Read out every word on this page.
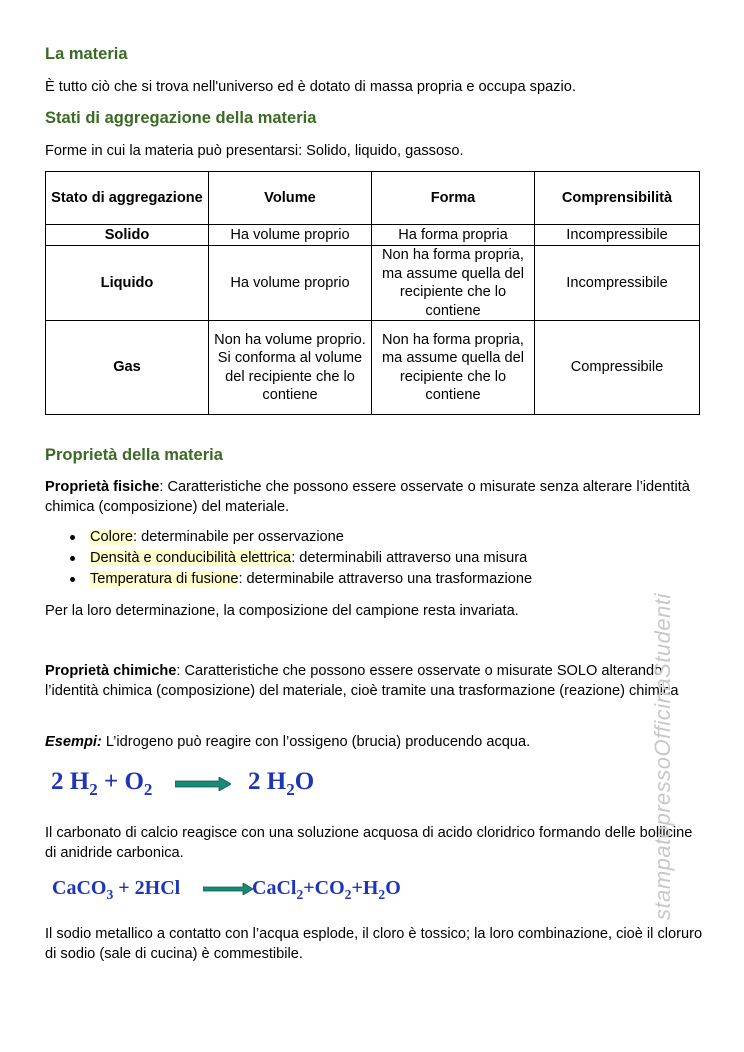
La materia

È tutto ciò che si trova nell'universo ed è dotato di massa propria e occupa spazio.

Stati di aggregazione della materia

Forme in cui la materia può presentarsi: Solido, liquido, gassoso.

Stato di aggregazione	Volume	Forma	Comprensibilità
Solido	Ha volume proprio	Ha forma propria	Incompressibile
Liquido	Ha volume proprio	Non ha forma propria, ma assume quella del recipiente che lo contiene	Incompressibile
Gas	Non ha volume proprio. Si conforma al volume del recipiente che lo contiene	Non ha forma propria, ma assume quella del recipiente che lo contiene	Compressibile
Proprietà della materia

Proprietà fisiche: Caratteristiche che possono essere osservate o misurate senza alterare l’identità chimica (composizione) del materiale.

Colore: determinabile per osservazione
Densità e conducibilità elettrica: determinabili attraverso una misura
Temperatura di fusione: determinabile attraverso una trasformazione

Per la loro determinazione, la composizione del campione resta invariata.

Proprietà chimiche: Caratteristiche che possono essere osservate o misurate SOLO alterando l’identità chimica (composizione) del materiale, cioè tramite una trasformazione (reazione) chimica

Esempi: L’idrogeno può reagire con l’ossigeno (brucia) producendo acqua.

2 $H_2 + O_2 \to 2$ $H_2O$

Il carbonato di calcio reagisce con una soluzione acquosa di acido cloridrico formando delle bollicine di anidride carbonica.

CaCO$_3$ + $2HCl \to CaCl_2+CO_2+H_2O$

Il sodio metallico a contatto con l’acqua esplode, il cloro è tossico; la loro combinazione, cioè il cloruro di sodio (sale di cucina) è commestibile.

stampatopressoOfficinaStudenti
